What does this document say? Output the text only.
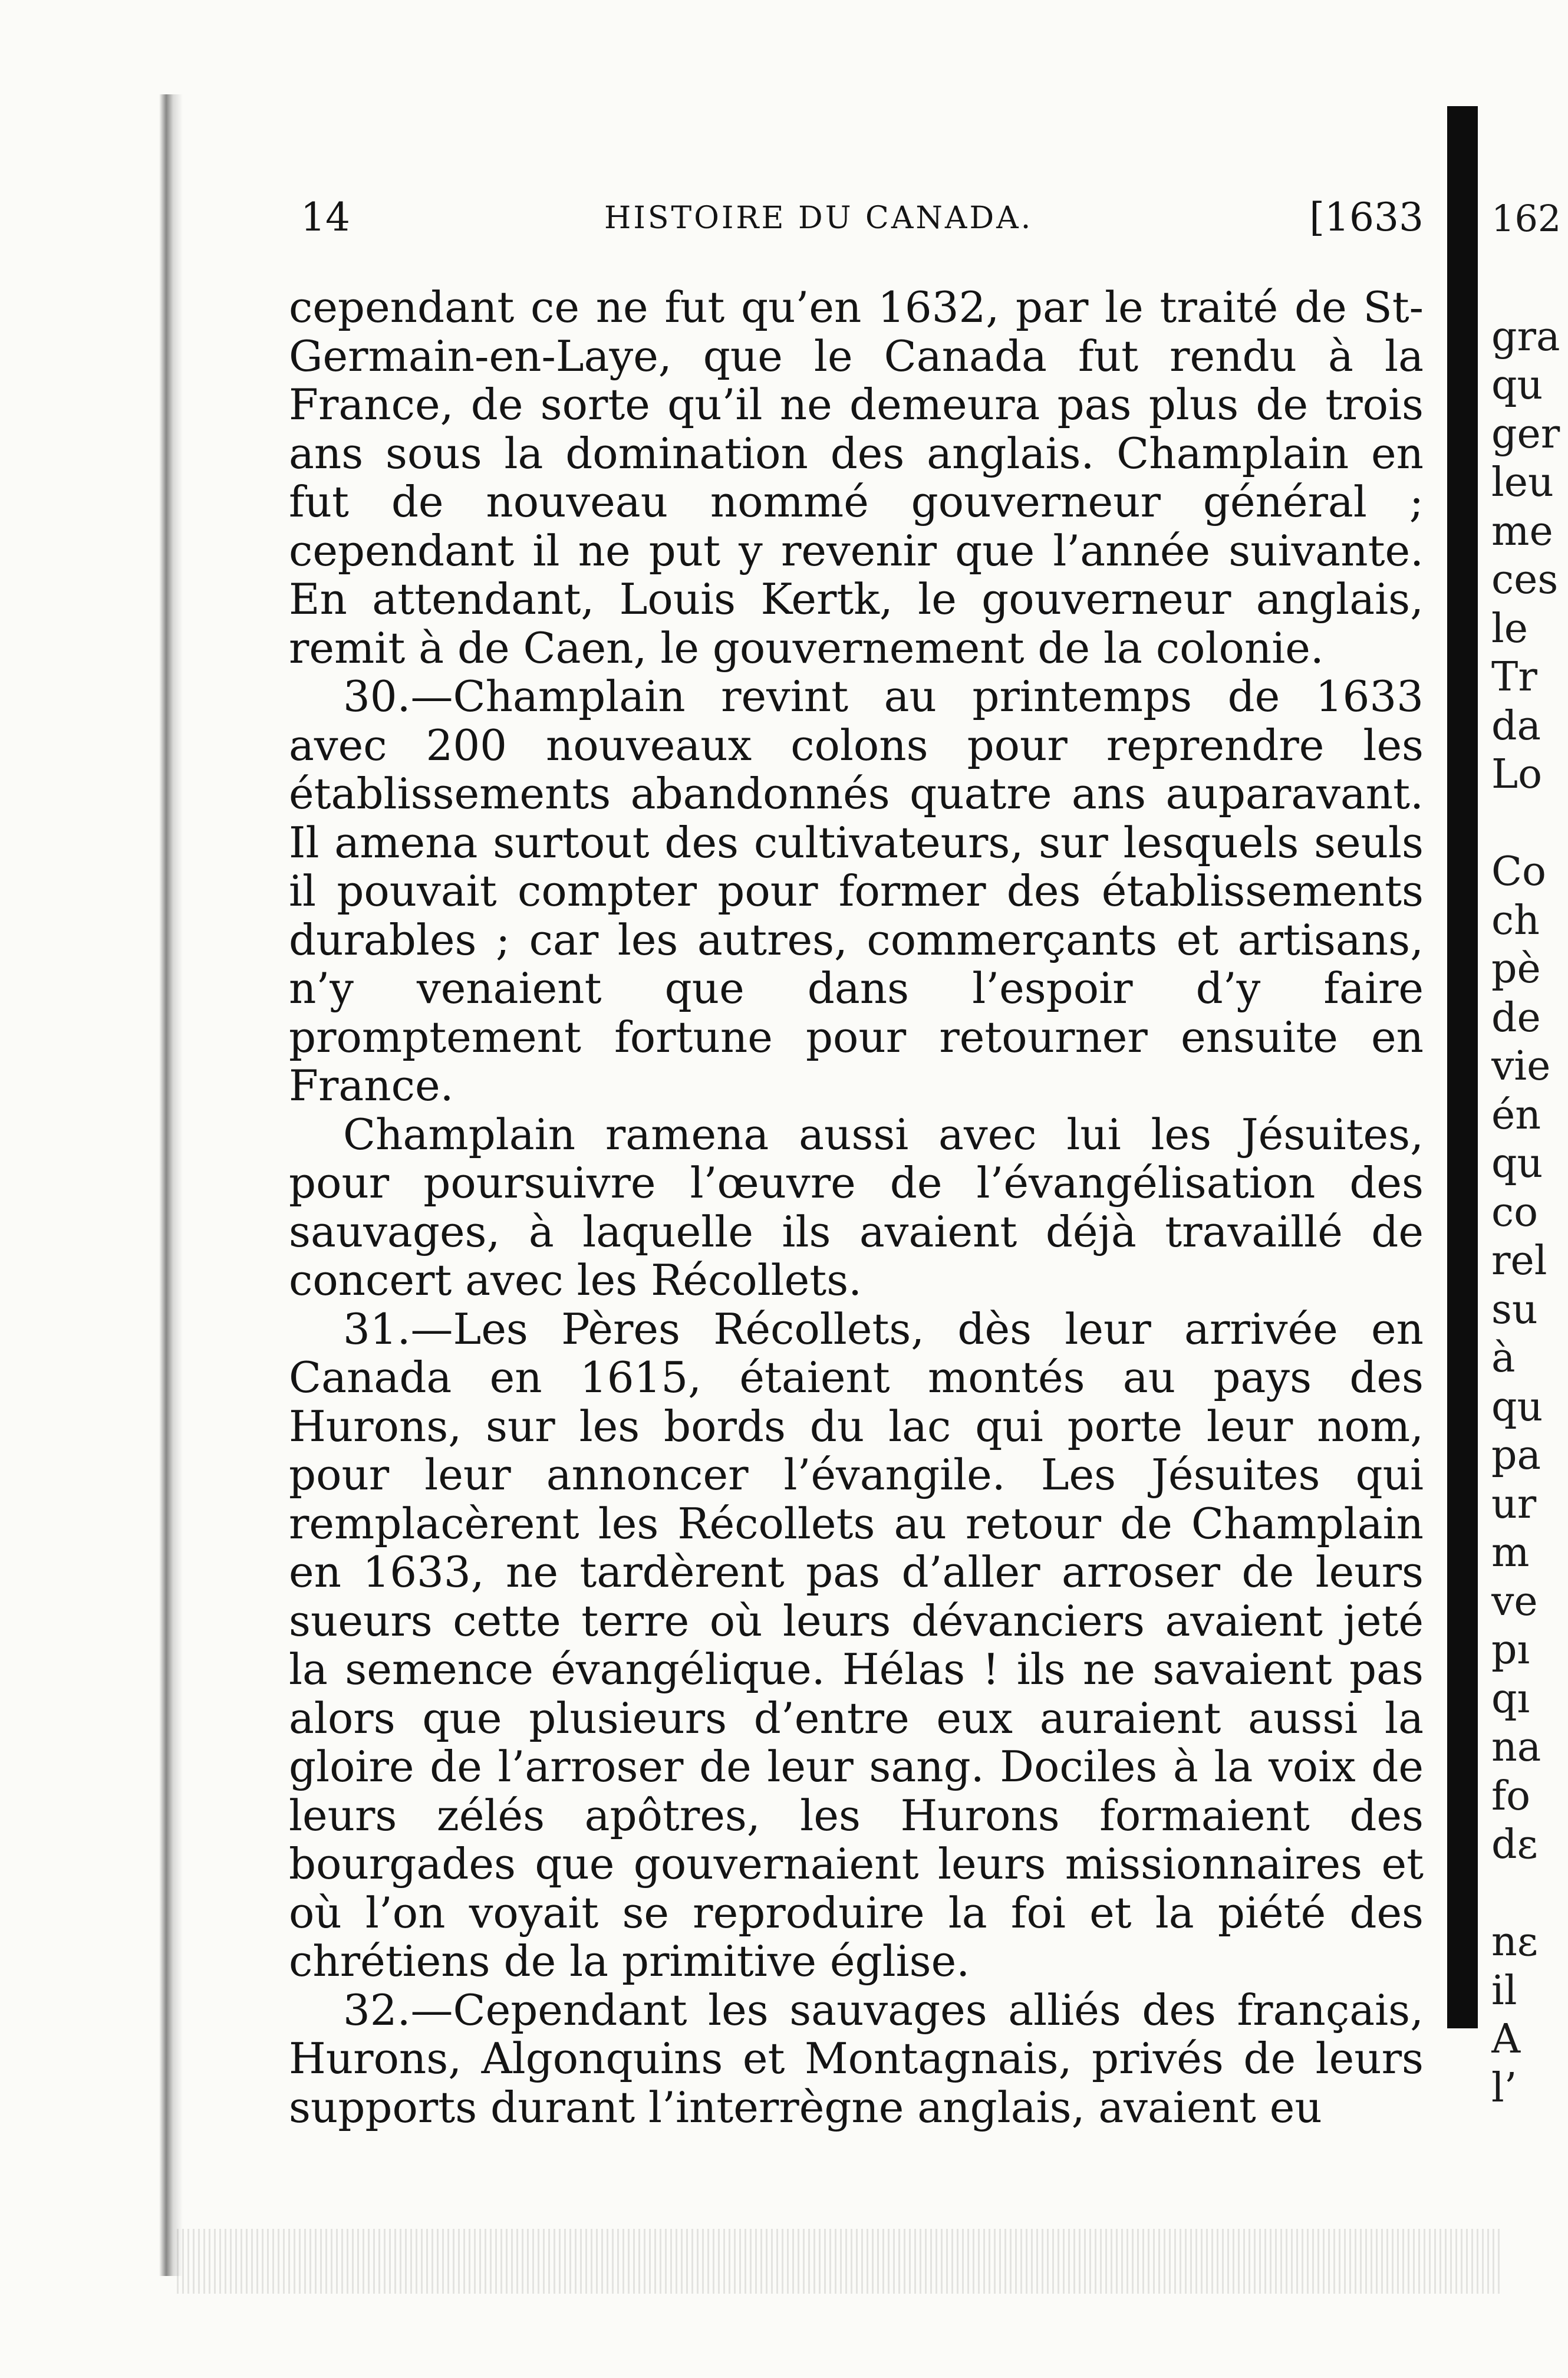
14	HISTOIRE DU CANADA.	[1633

cependant ce ne fut qu’en 1632, par le traité de St-Germain-en-Laye, que le Canada fut rendu à la France, de sorte qu’il ne demeura pas plus de trois ans sous la domination des anglais. Champlain en fut de nouveau nommé gouverneur général ; cependant il ne put y revenir que l’année suivante. En attendant, Louis Kertk, le gouverneur anglais, remit à de Caen, le gouvernement de la colonie.

30.—Champlain revint au printemps de 1633 avec 200 nouveaux colons pour reprendre les établissements abandonnés quatre ans auparavant. Il amena surtout des cultivateurs, sur lesquels seuls il pouvait compter pour former des établissements durables ; car les autres, commerçants et artisans, n’y venaient que dans l’espoir d’y faire promptement fortune pour retourner ensuite en France.

Champlain ramena aussi avec lui les Jésuites, pour poursuivre l’œuvre de l’évangélisation des sauvages, à laquelle ils avaient déjà travaillé de concert avec les Récollets.

31.—Les Pères Récollets, dès leur arrivée en Canada en 1615, étaient montés au pays des Hurons, sur les bords du lac qui porte leur nom, pour leur annoncer l’évangile. Les Jésuites qui remplacèrent les Récollets au retour de Champlain en 1633, ne tardèrent pas d’aller arroser de leurs sueurs cette terre où leurs dévanciers avaient jeté la semence évangélique. Hélas ! ils ne savaient pas alors que plusieurs d’entre eux auraient aussi la gloire de l’arroser de leur sang. Dociles à la voix de leurs zélés apôtres, les Hurons formaient des bourgades que gouvernaient leurs missionnaires et où l’on voyait se reproduire la foi et la piété des chrétiens de la primitive église.

32.—Cependant les sauvages alliés des français, Hurons, Algonquins et Montagnais, privés de leurs supports durant l’interrègne anglais, avaient eu

162
gra
qu
ger
leu
me
ces
le
Tr
da
Lo
Co
ch
pè
de
vie
én
qu
co
rel
su
à
qu
pa
ur
m
ve
pı
qı
na
fo
dε
nε
il
A
l’
